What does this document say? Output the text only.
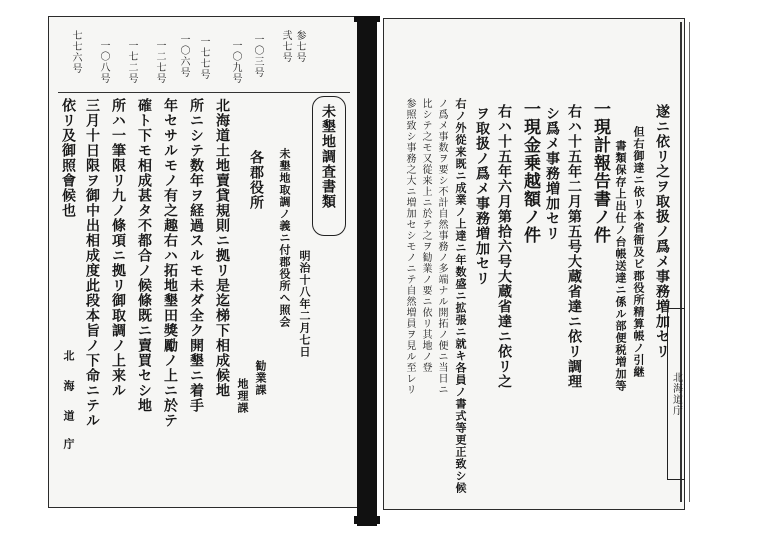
参七号
弐七号
一〇三号
一〇九号
一七七号
一〇六号
一二七号
一七二号
一〇八号
七七六号
未墾地調査書類
明治十八年二月七日
未墾地取調ノ義ニ付郡役所ヘ照会
勧業課
地理課
各郡役所
北海道土地賣貸規則ニ拠リ是迄梯下相成候地
所ニシテ数年ヲ経過スルモ未ダ全ク開墾ニ着手
年セサルモノ有之趣右ハ拓地墾田獎勵ノ上ニ於テ
確ト下モ相成甚タ不都合ノ候條既ニ賣買セシ地
所ハ一筆限リ九ノ條項ニ拠リ御取調ノ上来ル
三月十日限ヲ御中出相成度此段本旨ノ下命ニテル
依リ及御照會候也
北
海
道
庁
遂ニ依リ之ヲ取扱ノ爲メ事務増加セリ
但右御達ニ依リ本省衙及ビ郡役所精算帳ノ引継
書類保存上出仕ノ台帳送達ニ係ル部便税増加等
一現計報告書ノ件
右ハ十五年二月第五号大蔵省達ニ依リ調理
シ爲メ事務増加セリ
一現金乗越額ノ件
右ハ十五年六月第拾六号大蔵省達ニ依リ之
ヲ取扱ノ爲メ事務増加セリ
右ノ外從来既ニ成業ノ上達ニ年数盛ニ拡張ニ就キ各員ノ書式等更正致シ候
ノ爲メ事数ヲ要シ不計自然事務ノ多端ナル開拓ノ便ニ当日ニ
比シテ之モ又從来上ニ於テ之ヲ勧業ノ要ニ依リ其地ノ登
参照致シ事務之大ニ増加セシモノニテ自然増員ヲ見ル至レリ	北海道庁
